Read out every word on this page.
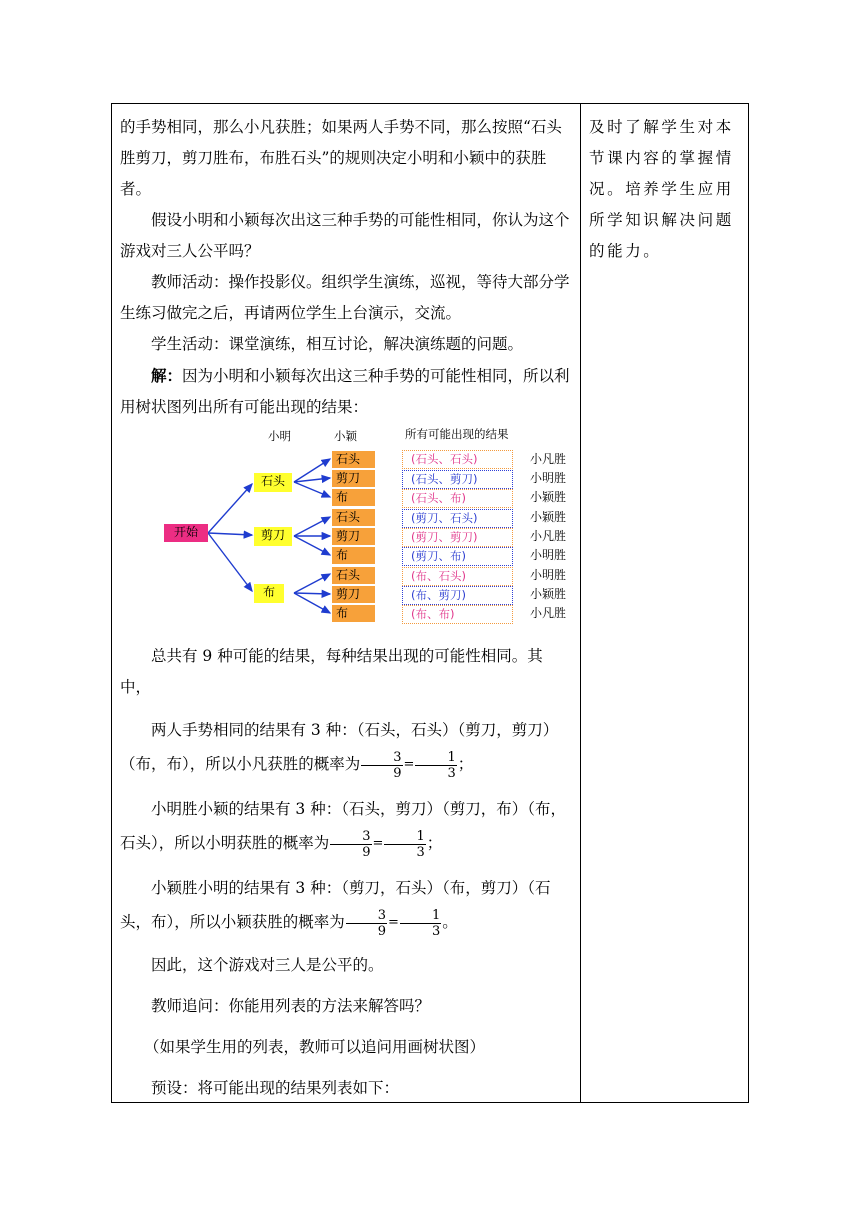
的手势相同，那么小凡获胜；如果两人手势不同，那么按照“石头胜剪刀，剪刀胜布，布胜石头”的规则决定小明和小颖中的获胜者。

假设小明和小颖每次出这三种手势的可能性相同，你认为这个游戏对三人公平吗？

教师活动：操作投影仪。组织学生演练，巡视，等待大部分学生练习做完之后，再请两位学生上台演示，交流。

学生活动：课堂演练，相互讨论，解决演练题的问题。

解：因为小明和小颖每次出这三种手势的可能性相同，所以利用树状图列出所有可能出现的结果：

小明	小颖	所有可能出现的结果
开始
石头
剪刀
布
石头
剪刀
布
石头
剪刀
布
石头
剪刀
布
(石头、石头)
(石头、剪刀)
(石头、布)
(剪刀、石头)
(剪刀、剪刀)
(剪刀、布)
(布、石头)
(布、剪刀)
(布、布)
小凡胜
小明胜
小颖胜
小颖胜
小凡胜
小明胜
小明胜
小颖胜
小凡胜

总共有 9 种可能的结果，每种结果出现的可能性相同。其中，

两人手势相同的结果有 3 种：（石头，石头）（剪刀，剪刀）（布，布），所以小凡获胜的概率为 $\frac{3}{9} = \frac{1}{3}$ ；

小明胜小颖的结果有 3 种：（石头，剪刀）（剪刀，布）（布，石头），所以小明获胜的概率为 $\frac{3}{9} = \frac{1}{3}$ ；

小颖胜小明的结果有 3 种：（剪刀，石头）（布，剪刀）（石头，布），所以小颖获胜的概率为 $\frac{3}{9} = \frac{1}{3}$ 。

因此，这个游戏对三人是公平的。

教师追问：你能用列表的方法来解答吗？

（如果学生用的列表，教师可以追问用画树状图）

预设：将可能出现的结果列表如下：

及时了解学生对本节课内容的掌握情况。培养学生应用所学知识解决问题的能力。
